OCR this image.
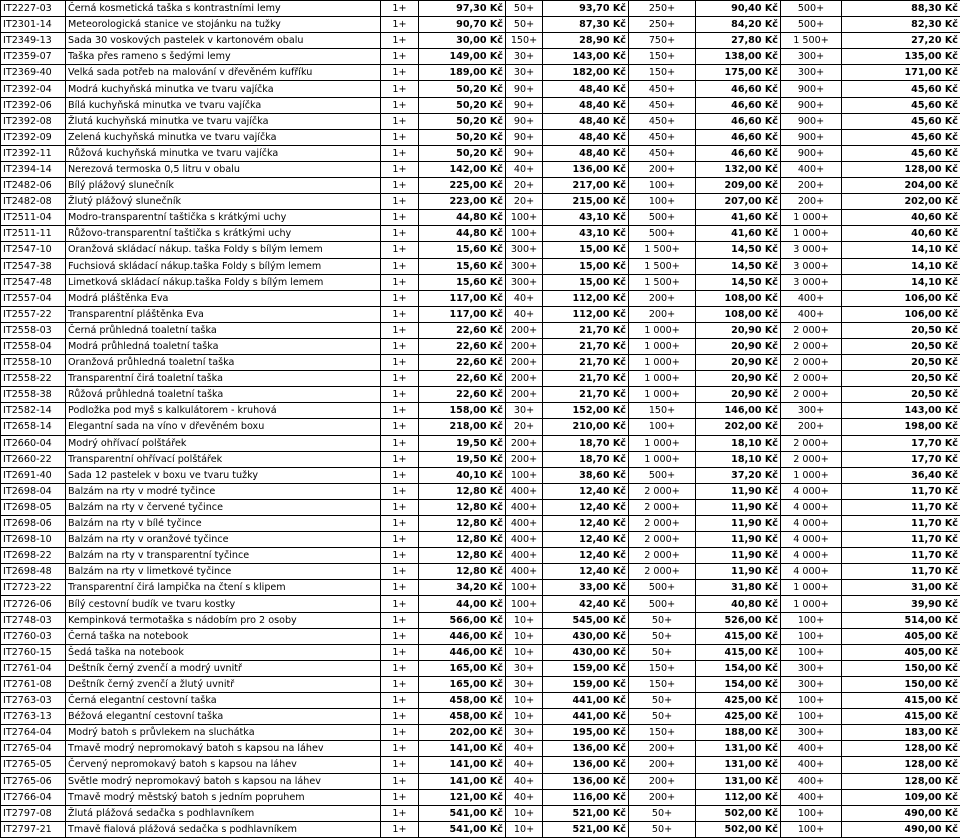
IT2227-03	Černá kosmetická taška s kontrastními lemy	1+	97,30 Kč	50+	93,70 Kč	250+	90,40 Kč	500+	88,30 Kč
IT2301-14	Meteorologická stanice ve stojánku na tužky	1+	90,70 Kč	50+	87,30 Kč	250+	84,20 Kč	500+	82,30 Kč
IT2349-13	Sada 30 voskových pastelek v kartonovém obalu	1+	30,00 Kč	150+	28,90 Kč	750+	27,80 Kč	1 500+	27,20 Kč
IT2359-07	Taška přes rameno s šedými lemy	1+	149,00 Kč	30+	143,00 Kč	150+	138,00 Kč	300+	135,00 Kč
IT2369-40	Velká sada potřeb na malování v dřevěném kufříku	1+	189,00 Kč	30+	182,00 Kč	150+	175,00 Kč	300+	171,00 Kč
IT2392-04	Modrá kuchyňská minutka ve tvaru vajíčka	1+	50,20 Kč	90+	48,40 Kč	450+	46,60 Kč	900+	45,60 Kč
IT2392-06	Bílá kuchyňská minutka ve tvaru vajíčka	1+	50,20 Kč	90+	48,40 Kč	450+	46,60 Kč	900+	45,60 Kč
IT2392-08	Žlutá kuchyňská minutka ve tvaru vajíčka	1+	50,20 Kč	90+	48,40 Kč	450+	46,60 Kč	900+	45,60 Kč
IT2392-09	Zelená kuchyňská minutka ve tvaru vajíčka	1+	50,20 Kč	90+	48,40 Kč	450+	46,60 Kč	900+	45,60 Kč
IT2392-11	Růžová kuchyňská minutka ve tvaru vajíčka	1+	50,20 Kč	90+	48,40 Kč	450+	46,60 Kč	900+	45,60 Kč
IT2394-14	Nerezová termoska 0,5 litru v obalu	1+	142,00 Kč	40+	136,00 Kč	200+	132,00 Kč	400+	128,00 Kč
IT2482-06	Bílý plážový slunečník	1+	225,00 Kč	20+	217,00 Kč	100+	209,00 Kč	200+	204,00 Kč
IT2482-08	Žlutý plážový slunečník	1+	223,00 Kč	20+	215,00 Kč	100+	207,00 Kč	200+	202,00 Kč
IT2511-04	Modro-transparentní taštička s krátkými uchy	1+	44,80 Kč	100+	43,10 Kč	500+	41,60 Kč	1 000+	40,60 Kč
IT2511-11	Růžovo-transparentní taštička s krátkými uchy	1+	44,80 Kč	100+	43,10 Kč	500+	41,60 Kč	1 000+	40,60 Kč
IT2547-10	Oranžová skládací nákup. taška Foldy s bílým lemem	1+	15,60 Kč	300+	15,00 Kč	1 500+	14,50 Kč	3 000+	14,10 Kč
IT2547-38	Fuchsiová skládací nákup.taška Foldy s bílým lemem	1+	15,60 Kč	300+	15,00 Kč	1 500+	14,50 Kč	3 000+	14,10 Kč
IT2547-48	Limetková skládací nákup.taška Foldy s bílým lemem	1+	15,60 Kč	300+	15,00 Kč	1 500+	14,50 Kč	3 000+	14,10 Kč
IT2557-04	Modrá pláštěnka Eva	1+	117,00 Kč	40+	112,00 Kč	200+	108,00 Kč	400+	106,00 Kč
IT2557-22	Transparentní pláštěnka Eva	1+	117,00 Kč	40+	112,00 Kč	200+	108,00 Kč	400+	106,00 Kč
IT2558-03	Černá průhledná toaletní taška	1+	22,60 Kč	200+	21,70 Kč	1 000+	20,90 Kč	2 000+	20,50 Kč
IT2558-04	Modrá průhledná toaletní taška	1+	22,60 Kč	200+	21,70 Kč	1 000+	20,90 Kč	2 000+	20,50 Kč
IT2558-10	Oranžová průhledná toaletní taška	1+	22,60 Kč	200+	21,70 Kč	1 000+	20,90 Kč	2 000+	20,50 Kč
IT2558-22	Transparentní čirá toaletní taška	1+	22,60 Kč	200+	21,70 Kč	1 000+	20,90 Kč	2 000+	20,50 Kč
IT2558-38	Růžová průhledná toaletní taška	1+	22,60 Kč	200+	21,70 Kč	1 000+	20,90 Kč	2 000+	20,50 Kč
IT2582-14	Podložka pod myš s kalkulátorem - kruhová	1+	158,00 Kč	30+	152,00 Kč	150+	146,00 Kč	300+	143,00 Kč
IT2658-14	Elegantní sada na víno v dřevěném boxu	1+	218,00 Kč	20+	210,00 Kč	100+	202,00 Kč	200+	198,00 Kč
IT2660-04	Modrý ohřívací polštářek	1+	19,50 Kč	200+	18,70 Kč	1 000+	18,10 Kč	2 000+	17,70 Kč
IT2660-22	Transparentní ohřívací polštářek	1+	19,50 Kč	200+	18,70 Kč	1 000+	18,10 Kč	2 000+	17,70 Kč
IT2691-40	Sada 12 pastelek v boxu ve tvaru tužky	1+	40,10 Kč	100+	38,60 Kč	500+	37,20 Kč	1 000+	36,40 Kč
IT2698-04	Balzám na rty v modré tyčince	1+	12,80 Kč	400+	12,40 Kč	2 000+	11,90 Kč	4 000+	11,70 Kč
IT2698-05	Balzám na rty v červené tyčince	1+	12,80 Kč	400+	12,40 Kč	2 000+	11,90 Kč	4 000+	11,70 Kč
IT2698-06	Balzám na rty v bílé tyčince	1+	12,80 Kč	400+	12,40 Kč	2 000+	11,90 Kč	4 000+	11,70 Kč
IT2698-10	Balzám na rty v oranžové tyčince	1+	12,80 Kč	400+	12,40 Kč	2 000+	11,90 Kč	4 000+	11,70 Kč
IT2698-22	Balzám na rty v transparentní tyčince	1+	12,80 Kč	400+	12,40 Kč	2 000+	11,90 Kč	4 000+	11,70 Kč
IT2698-48	Balzám na rty v limetkové tyčince	1+	12,80 Kč	400+	12,40 Kč	2 000+	11,90 Kč	4 000+	11,70 Kč
IT2723-22	Transparentní čirá lampička na čtení s klipem	1+	34,20 Kč	100+	33,00 Kč	500+	31,80 Kč	1 000+	31,00 Kč
IT2726-06	Bílý cestovní budík ve tvaru kostky	1+	44,00 Kč	100+	42,40 Kč	500+	40,80 Kč	1 000+	39,90 Kč
IT2748-03	Kempinková termotaška s nádobím pro 2 osoby	1+	566,00 Kč	10+	545,00 Kč	50+	526,00 Kč	100+	514,00 Kč
IT2760-03	Černá taška na notebook	1+	446,00 Kč	10+	430,00 Kč	50+	415,00 Kč	100+	405,00 Kč
IT2760-15	Šedá taška na notebook	1+	446,00 Kč	10+	430,00 Kč	50+	415,00 Kč	100+	405,00 Kč
IT2761-04	Deštník černý zvenčí a modrý uvnitř	1+	165,00 Kč	30+	159,00 Kč	150+	154,00 Kč	300+	150,00 Kč
IT2761-08	Deštník černý zvenčí a žlutý uvnitř	1+	165,00 Kč	30+	159,00 Kč	150+	154,00 Kč	300+	150,00 Kč
IT2763-03	Černá elegantní cestovní taška	1+	458,00 Kč	10+	441,00 Kč	50+	425,00 Kč	100+	415,00 Kč
IT2763-13	Béžová elegantní cestovní taška	1+	458,00 Kč	10+	441,00 Kč	50+	425,00 Kč	100+	415,00 Kč
IT2764-04	Modrý batoh s průvlekem na sluchátka	1+	202,00 Kč	30+	195,00 Kč	150+	188,00 Kč	300+	183,00 Kč
IT2765-04	Tmavě modrý nepromokavý batoh s kapsou na láhev	1+	141,00 Kč	40+	136,00 Kč	200+	131,00 Kč	400+	128,00 Kč
IT2765-05	Červený nepromokavý batoh s kapsou na láhev	1+	141,00 Kč	40+	136,00 Kč	200+	131,00 Kč	400+	128,00 Kč
IT2765-06	Světle modrý nepromokavý batoh s kapsou na láhev	1+	141,00 Kč	40+	136,00 Kč	200+	131,00 Kč	400+	128,00 Kč
IT2766-04	Tmavě modrý městský batoh s jedním popruhem	1+	121,00 Kč	40+	116,00 Kč	200+	112,00 Kč	400+	109,00 Kč
IT2797-08	Žlutá plážová sedačka s podhlavníkem	1+	541,00 Kč	10+	521,00 Kč	50+	502,00 Kč	100+	490,00 Kč
IT2797-21	Tmavě fialová plážová sedačka s podhlavníkem	1+	541,00 Kč	10+	521,00 Kč	50+	502,00 Kč	100+	490,00 Kč
